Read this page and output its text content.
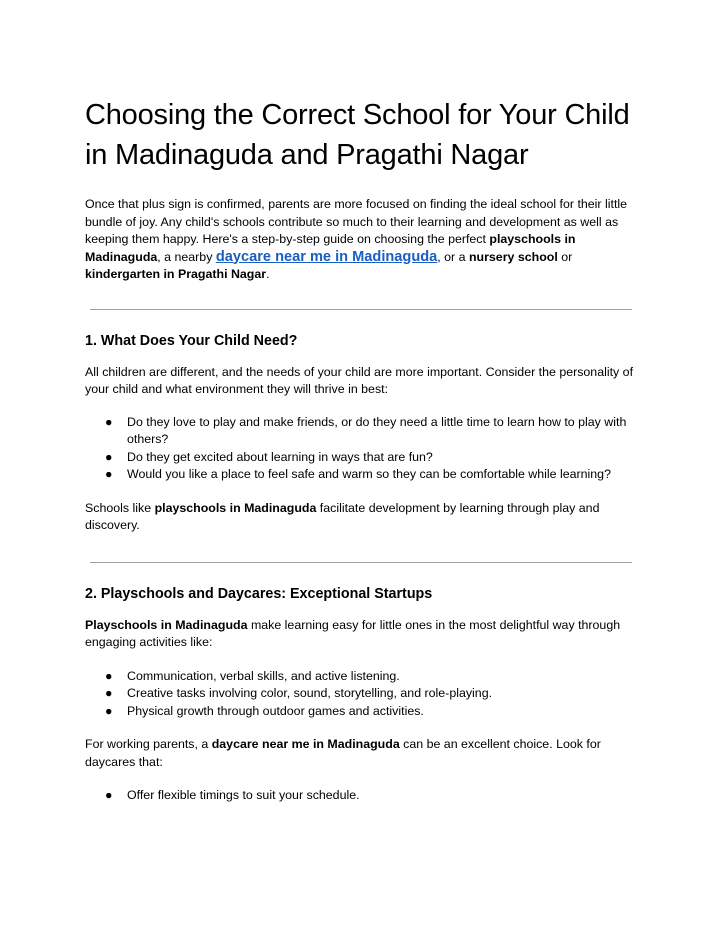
Choosing the Correct School for Your Child in Madinaguda and Pragathi Nagar

Once that plus sign is confirmed, parents are more focused on finding the ideal school for their little bundle of joy. Any child's schools contribute so much to their learning and development as well as keeping them happy. Here's a step-by-step guide on choosing the perfect playschools in Madinaguda, a nearby daycare near me in Madinaguda, or a nursery school or kindergarten in Pragathi Nagar.

1. What Does Your Child Need?

All children are different, and the needs of your child are more important. Consider the personality of your child and what environment they will thrive in best:

● Do they love to play and make friends, or do they need a little time to learn how to play with others?
● Do they get excited about learning in ways that are fun?
● Would you like a place to feel safe and warm so they can be comfortable while learning?

Schools like playschools in Madinaguda facilitate development by learning through play and discovery.

2. Playschools and Daycares: Exceptional Startups

Playschools in Madinaguda make learning easy for little ones in the most delightful way through engaging activities like:

● Communication, verbal skills, and active listening.
● Creative tasks involving color, sound, storytelling, and role-playing.
● Physical growth through outdoor games and activities.

For working parents, a daycare near me in Madinaguda can be an excellent choice. Look for daycares that:

● Offer flexible timings to suit your schedule.
